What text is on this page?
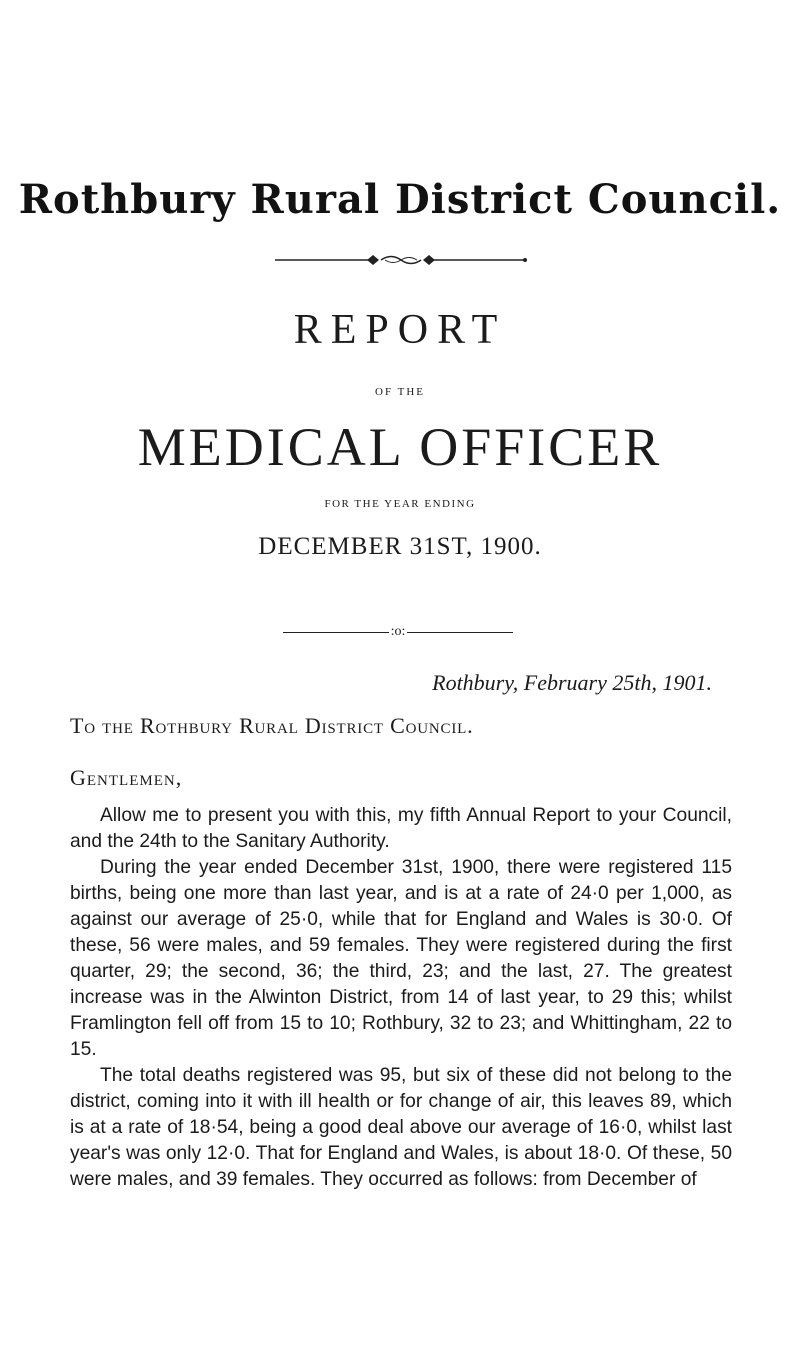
Rothbury Rural District Council.
REPORT
OF THE
MEDICAL OFFICER
FOR THE YEAR ENDING
DECEMBER 31ST, 1900.
:o:
Rothbury, February 25th, 1901.
To the Rothbury Rural District Council.
Gentlemen,

Allow me to present you with this, my fifth Annual Report to your Council, and the 24th to the Sanitary Authority.

During the year ended December 31st, 1900, there were registered 115 births, being one more than last year, and is at a rate of 24·0 per 1,000, as against our average of 25·0, while that for England and Wales is 30·0. Of these, 56 were males, and 59 females. They were registered during the first quarter, 29; the second, 36; the third, 23; and the last, 27. The greatest increase was in the Alwinton District, from 14 of last year, to 29 this; whilst Framlington fell off from 15 to 10; Rothbury, 32 to 23; and Whittingham, 22 to 15.

The total deaths registered was 95, but six of these did not belong to the district, coming into it with ill health or for change of air, this leaves 89, which is at a rate of 18·54, being a good deal above our average of 16·0, whilst last year's was only 12·0. That for England and Wales, is about 18·0. Of these, 50 were males, and 39 females. They occurred as follows: from December of
